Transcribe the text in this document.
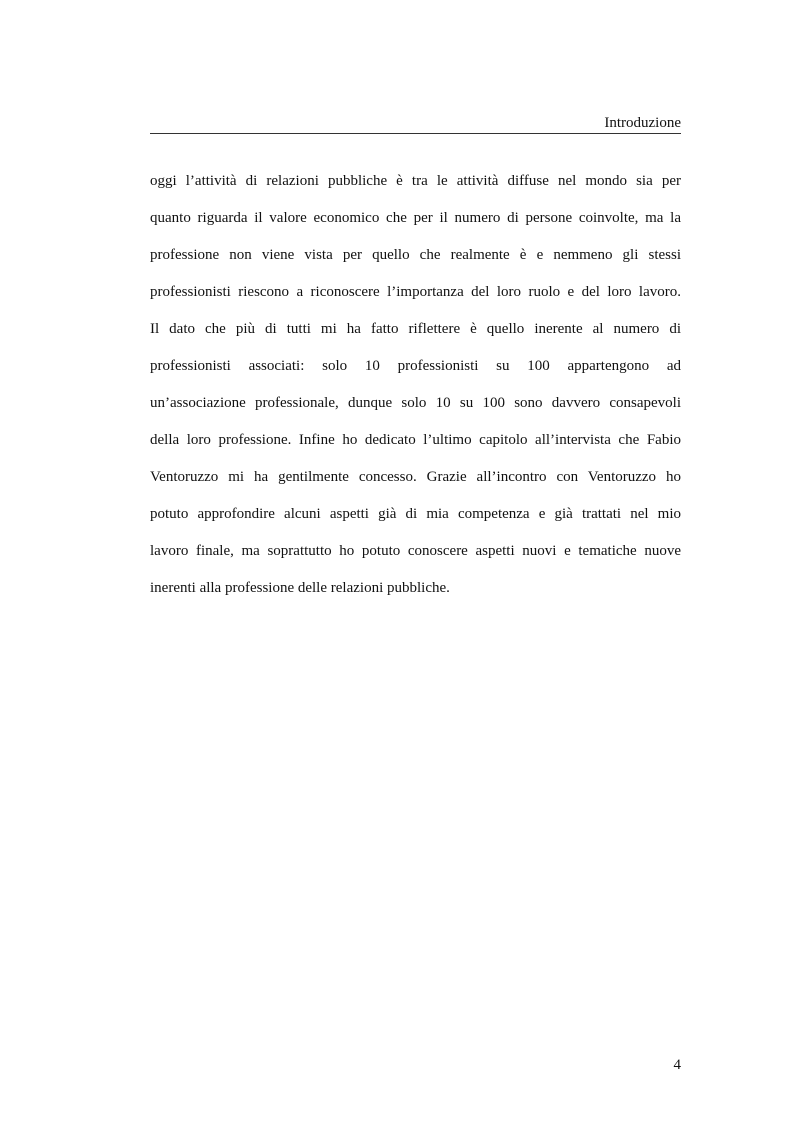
Introduzione
oggi l’attività di relazioni pubbliche è tra le attività diffuse nel mondo sia per
quanto riguarda il valore economico che per il numero di persone coinvolte, ma la
professione non viene vista per quello che realmente è e nemmeno gli stessi
professionisti riescono a riconoscere l’importanza del loro ruolo e del loro lavoro.
Il dato che più di tutti mi ha fatto riflettere è quello inerente al numero di
professionisti associati: solo 10 professionisti su 100 appartengono ad
un’associazione professionale, dunque solo 10 su 100 sono davvero consapevoli
della loro professione. Infine ho dedicato l’ultimo capitolo all’intervista che Fabio
Ventoruzzo mi ha gentilmente concesso. Grazie all’incontro con Ventoruzzo ho
potuto approfondire alcuni aspetti già di mia competenza e già trattati nel mio
lavoro finale, ma soprattutto ho potuto conoscere aspetti nuovi e tematiche nuove
inerenti alla professione delle relazioni pubbliche.
4
